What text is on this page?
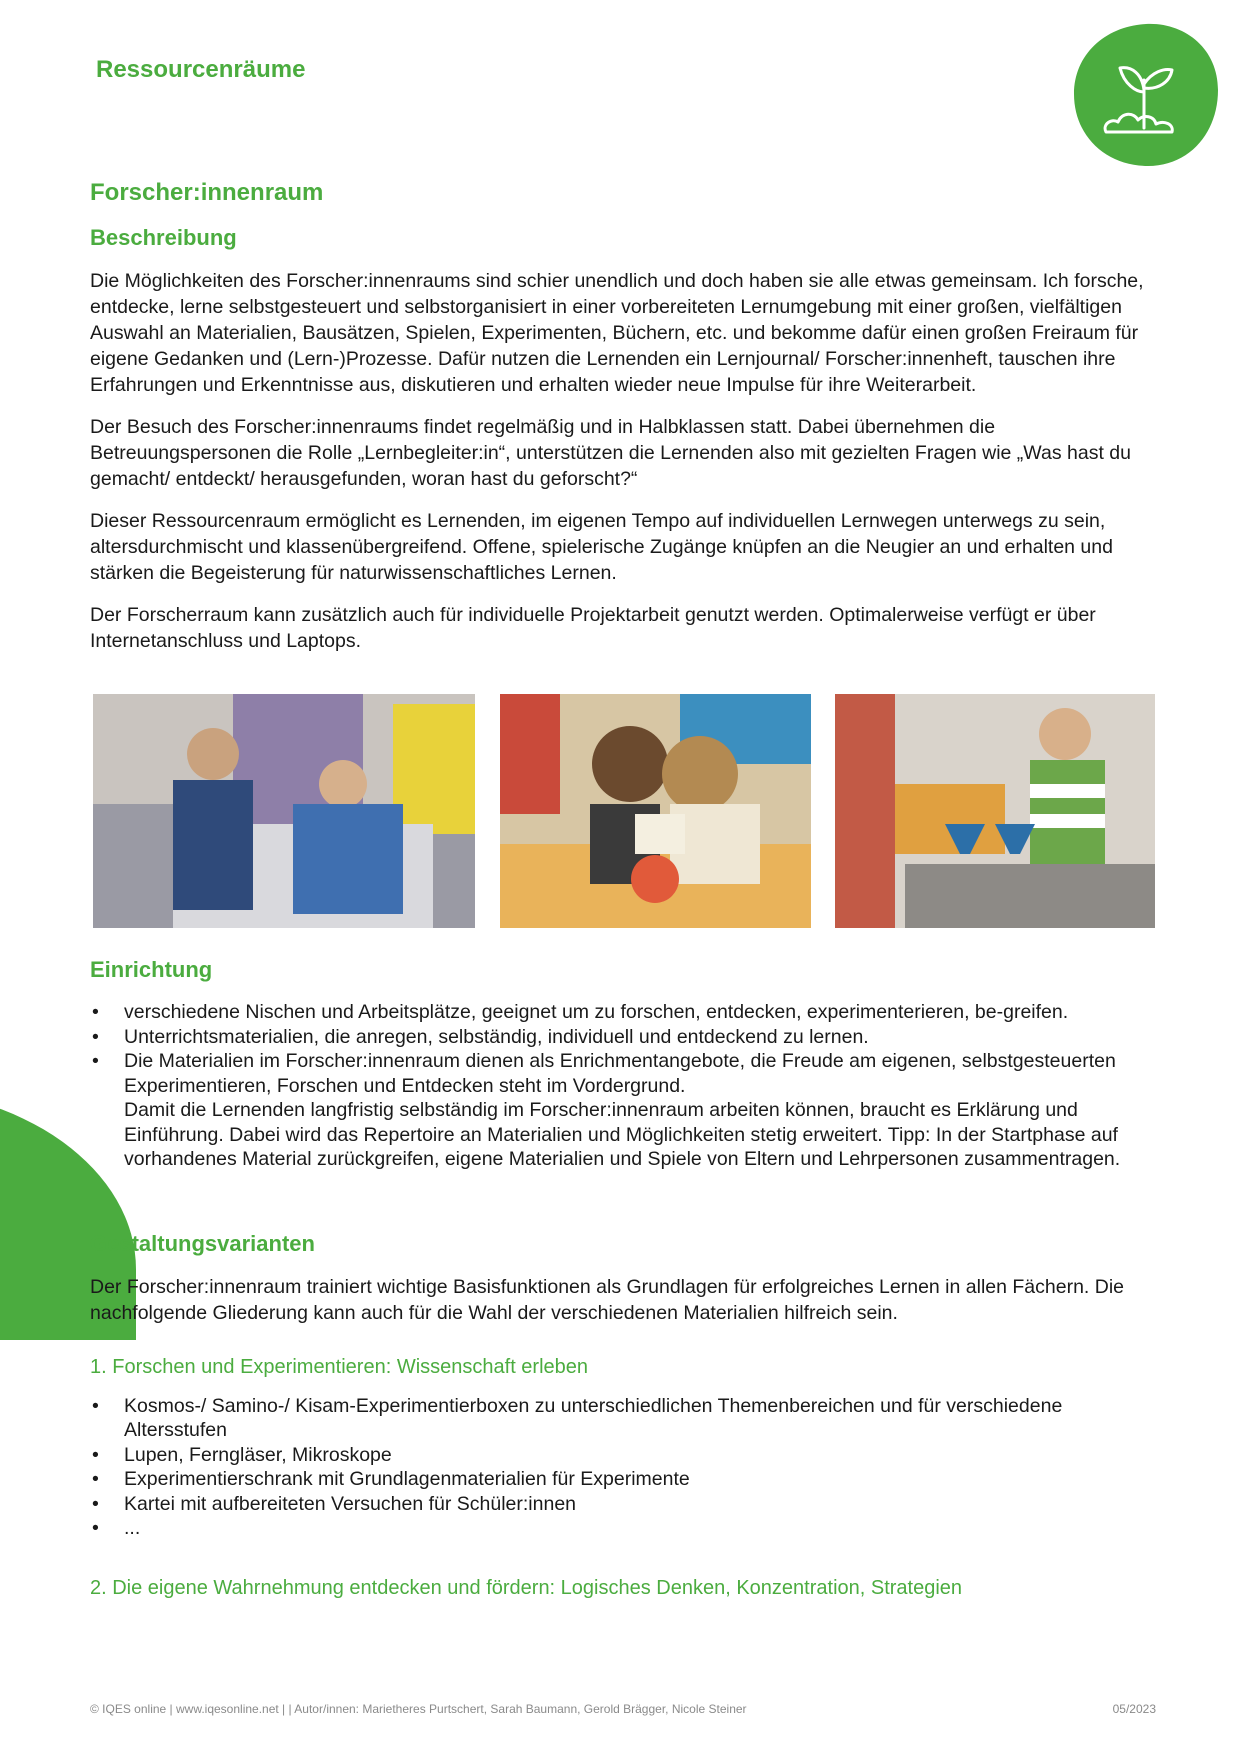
Ressourcenräume
Forscher:innenraum
Beschreibung

Die Möglichkeiten des Forscher:innenraums sind schier unendlich und doch haben sie alle etwas gemeinsam. Ich forsche, entdecke, lerne selbstgesteuert und selbstorganisiert in einer vorbereiteten Lernumgebung mit einer großen, vielfältigen Auswahl an Materialien, Bausätzen, Spielen, Experimenten, Büchern, etc. und bekomme dafür einen großen Freiraum für eigene Gedanken und (Lern-)Prozesse. Dafür nutzen die Lernenden ein Lernjournal/ Forscher:innenheft, tauschen ihre Erfahrungen und Erkenntnisse aus, diskutieren und erhalten wieder neue Impulse für ihre Weiterarbeit.

Der Besuch des Forscher:innenraums findet regelmäßig und in Halbklassen statt. Dabei übernehmen die Betreuungspersonen die Rolle „Lernbegleiter:in“, unterstützen die Lernenden also mit gezielten Fragen wie „Was hast du gemacht/ entdeckt/ herausgefunden, woran hast du geforscht?“

Dieser Ressourcenraum ermöglicht es Lernenden, im eigenen Tempo auf individuellen Lernwegen unterwegs zu sein, altersdurchmischt und klassenübergreifend. Offene, spielerische Zugänge knüpfen an die Neugier an und erhalten und stärken die Begeisterung für naturwissenschaftliches Lernen.

Der Forscherraum kann zusätzlich auch für individuelle Projektarbeit genutzt werden. Optimalerweise verfügt er über Internetanschluss und Laptops.

Einrichtung
• verschiedene Nischen und Arbeitsplätze, geeignet um zu forschen, entdecken, experimenterieren, be-greifen.
• Unterrichtsmaterialien, die anregen, selbständig, individuell und entdeckend zu lernen.
• Die Materialien im Forscher:innenraum dienen als Enrichmentangebote, die Freude am eigenen, selbstgesteuerten Experimentieren, Forschen und Entdecken steht im Vordergrund.
Damit die Lernenden langfristig selbständig im Forscher:innenraum arbeiten können, braucht es Erklärung und Einführung. Dabei wird das Repertoire an Materialien und Möglichkeiten stetig erweitert. Tipp: In der Startphase auf vorhandenes Material zurückgreifen, eigene Materialien und Spiele von Eltern und Lehrpersonen zusammentragen.
Gestaltungsvarianten

Der Forscher:innenraum trainiert wichtige Basisfunktionen als Grundlagen für erfolgreiches Lernen in allen Fächern. Die nachfolgende Gliederung kann auch für die Wahl der verschiedenen Materialien hilfreich sein.

1. Forschen und Experimentieren: Wissenschaft erleben
• Kosmos-/ Samino-/ Kisam-Experimentierboxen zu unterschiedlichen Themenbereichen und für verschiedene Altersstufen
• Lupen, Ferngläser, Mikroskope
• Experimentierschrank mit Grundlagenmaterialien für Experimente
• Kartei mit aufbereiteten Versuchen für Schüler:innen
• ...
2. Die eigene Wahrnehmung entdecken und fördern: Logisches Denken, Konzentration, Strategien
© IQES online | www.iqesonline.net | | Autor/innen: Marietheres Purtschert, Sarah Baumann, Gerold Brägger, Nicole Steiner	05/2023
